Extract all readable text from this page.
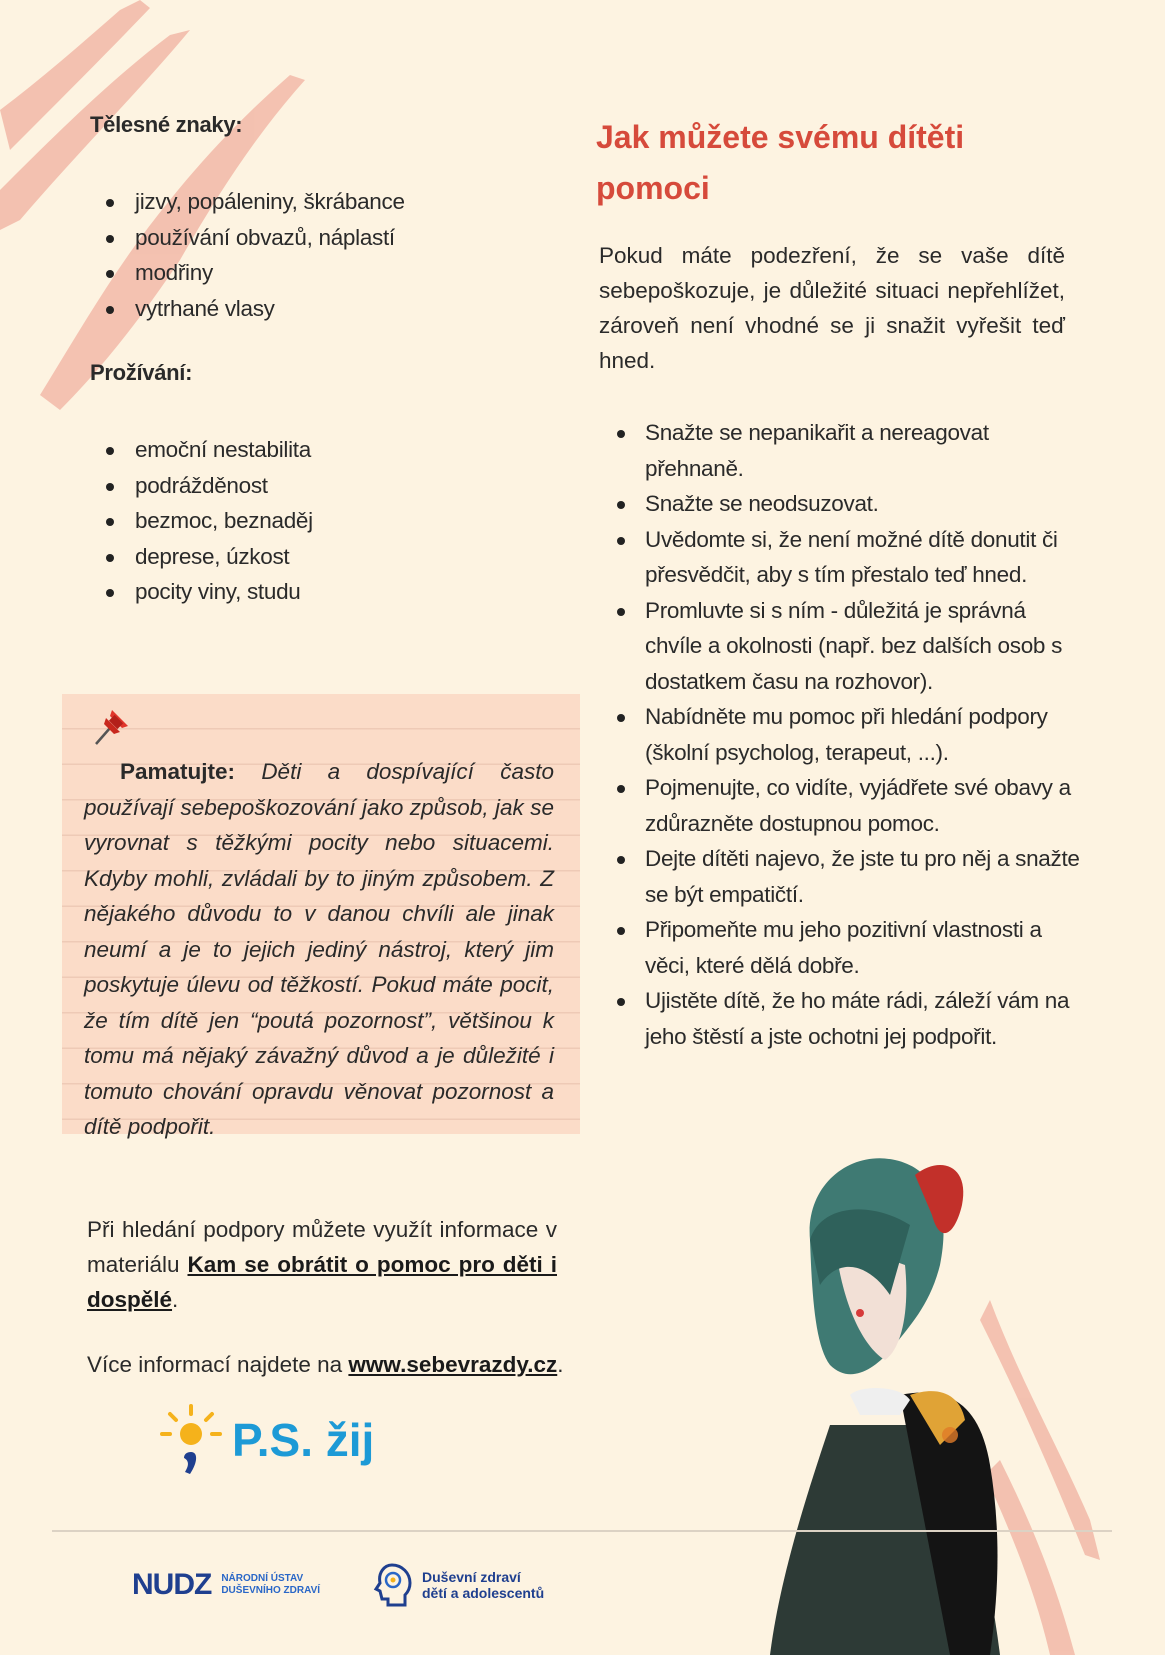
Tělesné znaky:
jizvy, popáleniny, škrábance
používání obvazů, náplastí
modřiny
vytrhané vlasy
Prožívání:
emoční nestabilita
podrážděnost
bezmoc, beznaděj
deprese, úzkost
pocity viny, studu
Pamatujte: Děti a dospívající často používají sebepoškozování jako způsob, jak se vyrovnat s těžkými pocity nebo situacemi. Kdyby mohli, zvládali by to jiným způsobem. Z nějakého důvodu to v danou chvíli ale jinak neumí a je to jejich jediný nástroj, který jim poskytuje úlevu od těžkostí. Pokud máte pocit, že tím dítě jen “poutá pozornost”, většinou k tomu má nějaký závažný důvod a je důležité i tomuto chování opravdu věnovat pozornost a dítě podpořit.
Jak můžete svému dítěti pomoci
Pokud máte podezření, že se vaše dítě sebepoškozuje, je důležité situaci nepřehlížet, zároveň není vhodné se ji snažit vyřešit teď hned.
Snažte se nepanikařit a nereagovat přehnaně.
Snažte se neodsuzovat.
Uvědomte si, že není možné dítě donutit či přesvědčit, aby s tím přestalo teď hned.
Promluvte si s ním - důležitá je správná chvíle a okolnosti (např. bez dalších osob s dostatkem času na rozhovor).
Nabídněte mu pomoc při hledání podpory (školní psycholog, terapeut, ...).
Pojmenujte, co vidíte, vyjádřete své obavy a zdůrazněte dostupnou pomoc.
Dejte dítěti najevo, že jste tu pro něj a snažte se být empatičtí.
Připomeňte mu jeho pozitivní vlastnosti a věci, které dělá dobře.
Ujistěte dítě, že ho máte rádi, záleží vám na jeho štěstí a jste ochotni jej podpořit.
Při hledání podpory můžete využít informace v materiálu Kam se obrátit o pomoc pro děti i dospělé.
Více informací najdete na www.sebevrazdy.cz.
P.S. žij
NUDZ NÁRODNÍ ÚSTAV
DUŠEVNÍHO ZDRAVÍ
Duševní zdraví
dětí a adolescentů
